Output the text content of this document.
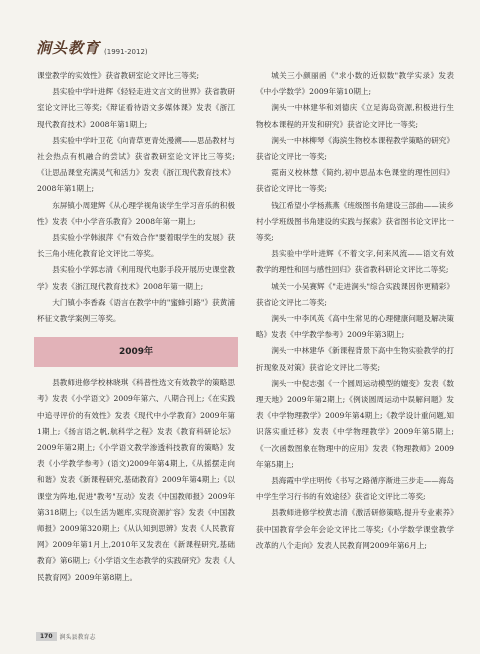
涧头教育 (1991-2012)

课堂教学的实效性》获省教研室论文评比三等奖;

县实验中学叶进辉《轻轻走进文言文的世界》获省教研室论文评比三等奖;《辩证看待语文多媒体课》发表《浙江现代教育技术》2008年第1期上;

县实验中学叶卫花《向青草更青处漫溯——思品教材与社会热点有机融合的尝试》获省教研室论文评比三等奖;《让思品课堂充满灵气和活力》发表《浙江现代教育技术》2008年第1期上;

东屏镇小周建辉《从心理学视角谈学生学习音乐的积极性》发表《中小学音乐教育》2008年第一期上;

县实验小学韩淑萍《"有效合作"要着眼学生的发展》获长三角小班化教育论文评比二等奖。

县实验小学郭志清《利用现代电影手段开展历史课堂教学》发表《浙江现代教育技术》2008年第一期上;

大门镇小李香森《语言在教学中的"蜜蜂引路"》获黄浦杯征文教学案例三等奖。

2009年

县教师进修学校林晓琪《科普性选文有效教学的策略思考》发表《小学语文》2009年第六、八期合刊上;《在实践中追寻评价的有效性》发表《现代中小学教育》2009年第1期上;《扬言语之帆,航科学之程》发表《教育科研论坛》2009年第2期上;《小学语文教学渗透科技教育的策略》发表《小学教学参考》(语文)2009年第4期上,《从摇摆走向和谐》发表《新课程研究,基础教育》2009年第4期上;《以课堂为阵地,促进"教考"互动》发表《中国教师报》2009年第318期上;《以生活为题库,实现资源扩容》发表《中国教师报》2009第320期上;《从认知到思辨》发表《人民教育网》2009年第1月上,2010年又发表在《新课程研究,基础教育》第6期上;《小学语文生态教学的实践研究》发表《人民教育网》2009年第8期上。

城关三小颜丽函《"求小数的近似数"教学实录》发表《中小学数学》2009年第10期上;

涧头一中林建华和刘德庆《立足海岛资源,积极进行生物校本课程的开发和研究》获省论文评比一等奖;

涧头一中林柳琴《海滨生物校本课程教学策略的研究》获省论文评比一等奖;

霓南义校林慧《简约,初中思品本色课堂的理性回归》获省论文评比一等奖;

钱江希望小学杨燕燕《班级图书角建设三部曲——读乡村小学班级图书角建设的实践与探索》获省图书论文评比一等奖;

县实验中学叶进辉《不着文字,何来风流——语文有效教学的理性和回与感性回归》获省教科研论文评比二等奖;

城关一小吴赛辉《"走进涧头"综合实践课因你更精彩》获省论文评比二等奖;

涧头一中李风英《高中生常见的心理健康问题及解决策略》发表《中学教学参考》2009年第3期上;

涧头一中林建华《新课程背景下高中生物实验教学的打折现象及对策》获省论文评比二等奖;

涧头一中倪志强《一个圆周运动模型的嬗变》发表《数理天地》2009年第2期上;《例谈圆周运动中误解问题》发表《中学物理教学》2009年第4期上;《教学设计重问题,知识落实重迁移》发表《中学物理教学》2009年第5期上;《一次函数图象在物理中的应用》发表《物理教师》2009年第5期上;

县海霞中学庄明传《书写之路循序渐进三步走——海岛中学生学习行书的有效途径》获省论文评比二等奖;

县教师进修学校黄志清《激活研修策略,提升专业素养》获中国教育学会年会论文评比二等奖;《小学数学课堂教学改革的八个走向》发表人民教育网2009年第6月上;

170	涧头县教育志
